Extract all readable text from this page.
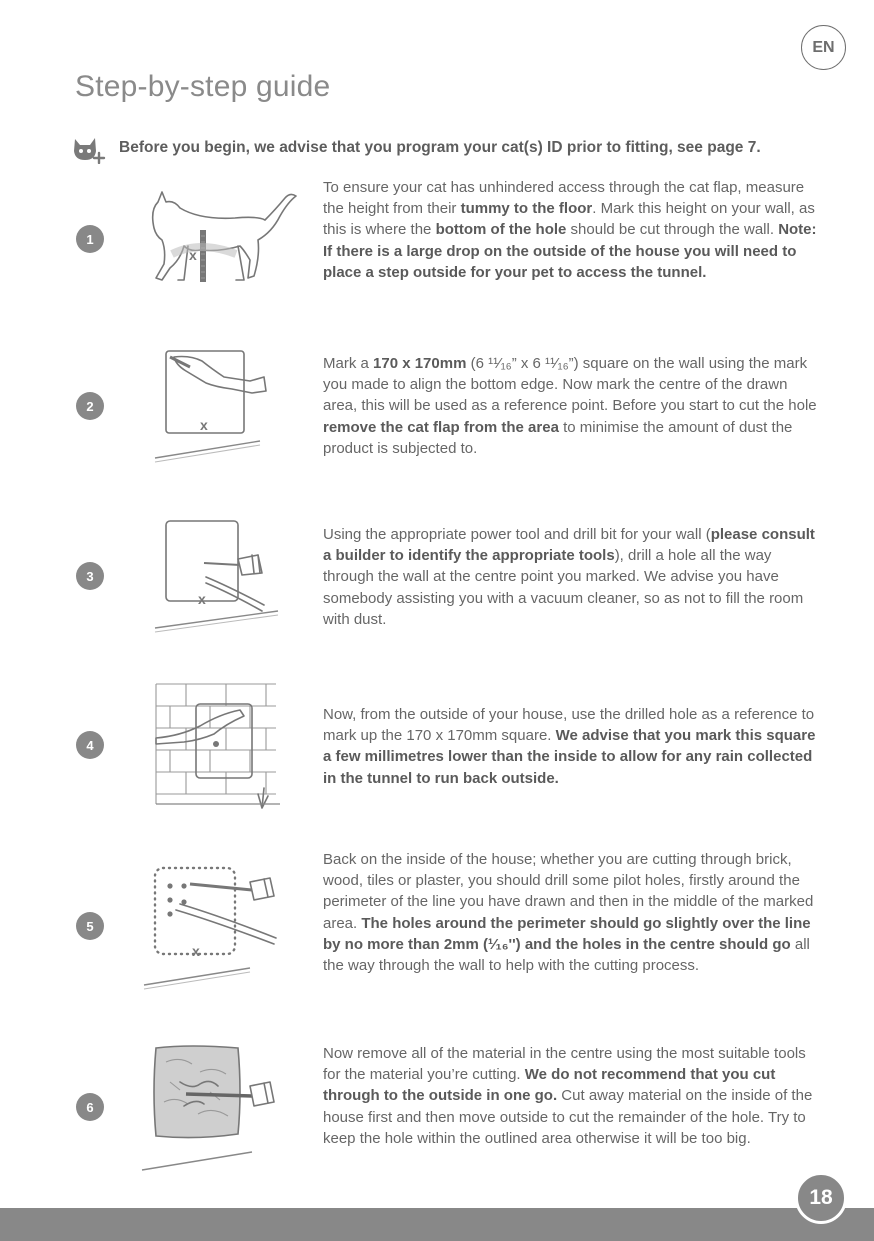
EN
Step-by-step guide
Before you begin, we advise that you program your cat(s) ID prior to fitting, see page 7.
1
x

To ensure your cat has unhindered access through the cat flap, measure the height from their tummy to the floor. Mark this height on your wall, as this is where the bottom of the hole should be cut through the wall. Note: If there is a large drop on the outside of the house you will need to place a step outside for your pet to access the tunnel.

2
x

Mark a 170 x 170mm (6 ¹¹⁄₁₆” x 6 ¹¹⁄₁₆”) square on the wall using the mark you made to align the bottom edge. Now mark the centre of the drawn area, this will be used as a reference point. Before you start to cut the hole remove the cat flap from the area to minimise the amount of dust the product is subjected to.

3
x

Using the appropriate power tool and drill bit for your wall (please consult a builder to identify the appropriate tools), drill a hole all the way through the wall at the centre point you marked. We advise you have somebody assisting you with a vacuum cleaner, so as not to fill the room with dust.

4

Now, from the outside of your house, use the drilled hole as a reference to mark up the 170 x 170mm square. We advise that you mark this square a few millimetres lower than the inside to allow for any rain collected in the tunnel to run back outside.

5
x

Back on the inside of the house; whether you are cutting through brick, wood, tiles or plaster, you should drill some pilot holes, firstly around the perimeter of the line you have drawn and then in the middle of the marked area. The holes around the perimeter should go slightly over the line by no more than 2mm (¹⁄₁₆'') and the holes in the centre should go all the way through the wall to help with the cutting process.

6

Now remove all of the material in the centre using the most suitable tools for the material you’re cutting. We do not recommend that you cut through to the outside in one go. Cut away material on the inside of the house first and then move outside to cut the remainder of the hole. Try to keep the hole within the outlined area otherwise it will be too big.

18
